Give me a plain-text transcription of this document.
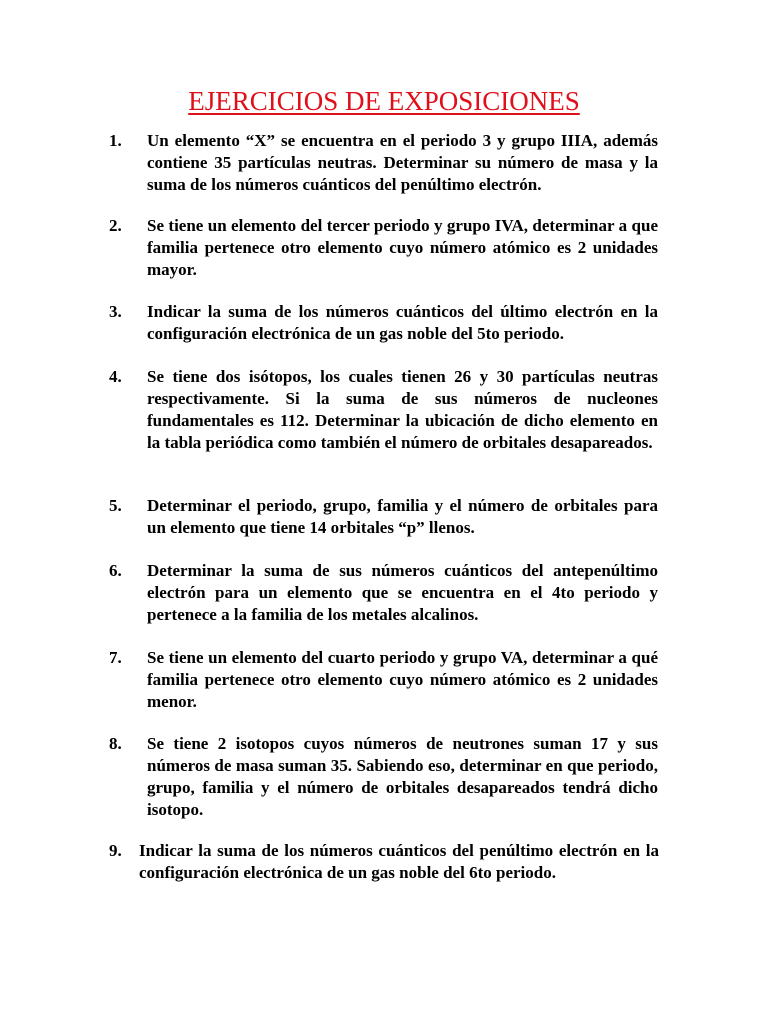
EJERCICIOS DE EXPOSICIONES
1. Un elemento “X” se encuentra en el periodo 3 y grupo IIIA, además contiene 35 partículas neutras. Determinar su número de masa y la suma de los números cuánticos del penúltimo electrón.
2. Se tiene un elemento del tercer periodo y grupo IVA, determinar a que familia pertenece otro elemento cuyo número atómico es 2 unidades mayor.
3. Indicar la suma de los números cuánticos del último electrón en la configuración electrónica de un gas noble del 5to periodo.
4. Se tiene dos isótopos, los cuales tienen 26 y 30 partículas neutras respectivamente. Si la suma de sus números de nucleones fundamentales es 112. Determinar la ubicación de dicho elemento en la tabla periódica como también el número de orbitales desapareados.
5. Determinar el periodo, grupo, familia y el número de orbitales para un elemento que tiene 14 orbitales “p” llenos.
6. Determinar la suma de sus números cuánticos del antepenúltimo electrón para un elemento que se encuentra en el 4to periodo y pertenece a la familia de los metales alcalinos.
7. Se tiene un elemento del cuarto periodo y grupo VA, determinar a qué familia pertenece otro elemento cuyo número atómico es 2 unidades menor.
8. Se tiene 2 isotopos cuyos números de neutrones suman 17 y sus números de masa suman 35. Sabiendo eso, determinar en que periodo, grupo, familia y el número de orbitales desapareados tendrá dicho isotopo.
9. Indicar la suma de los números cuánticos del penúltimo electrón en la configuración electrónica de un gas noble del 6to periodo.
